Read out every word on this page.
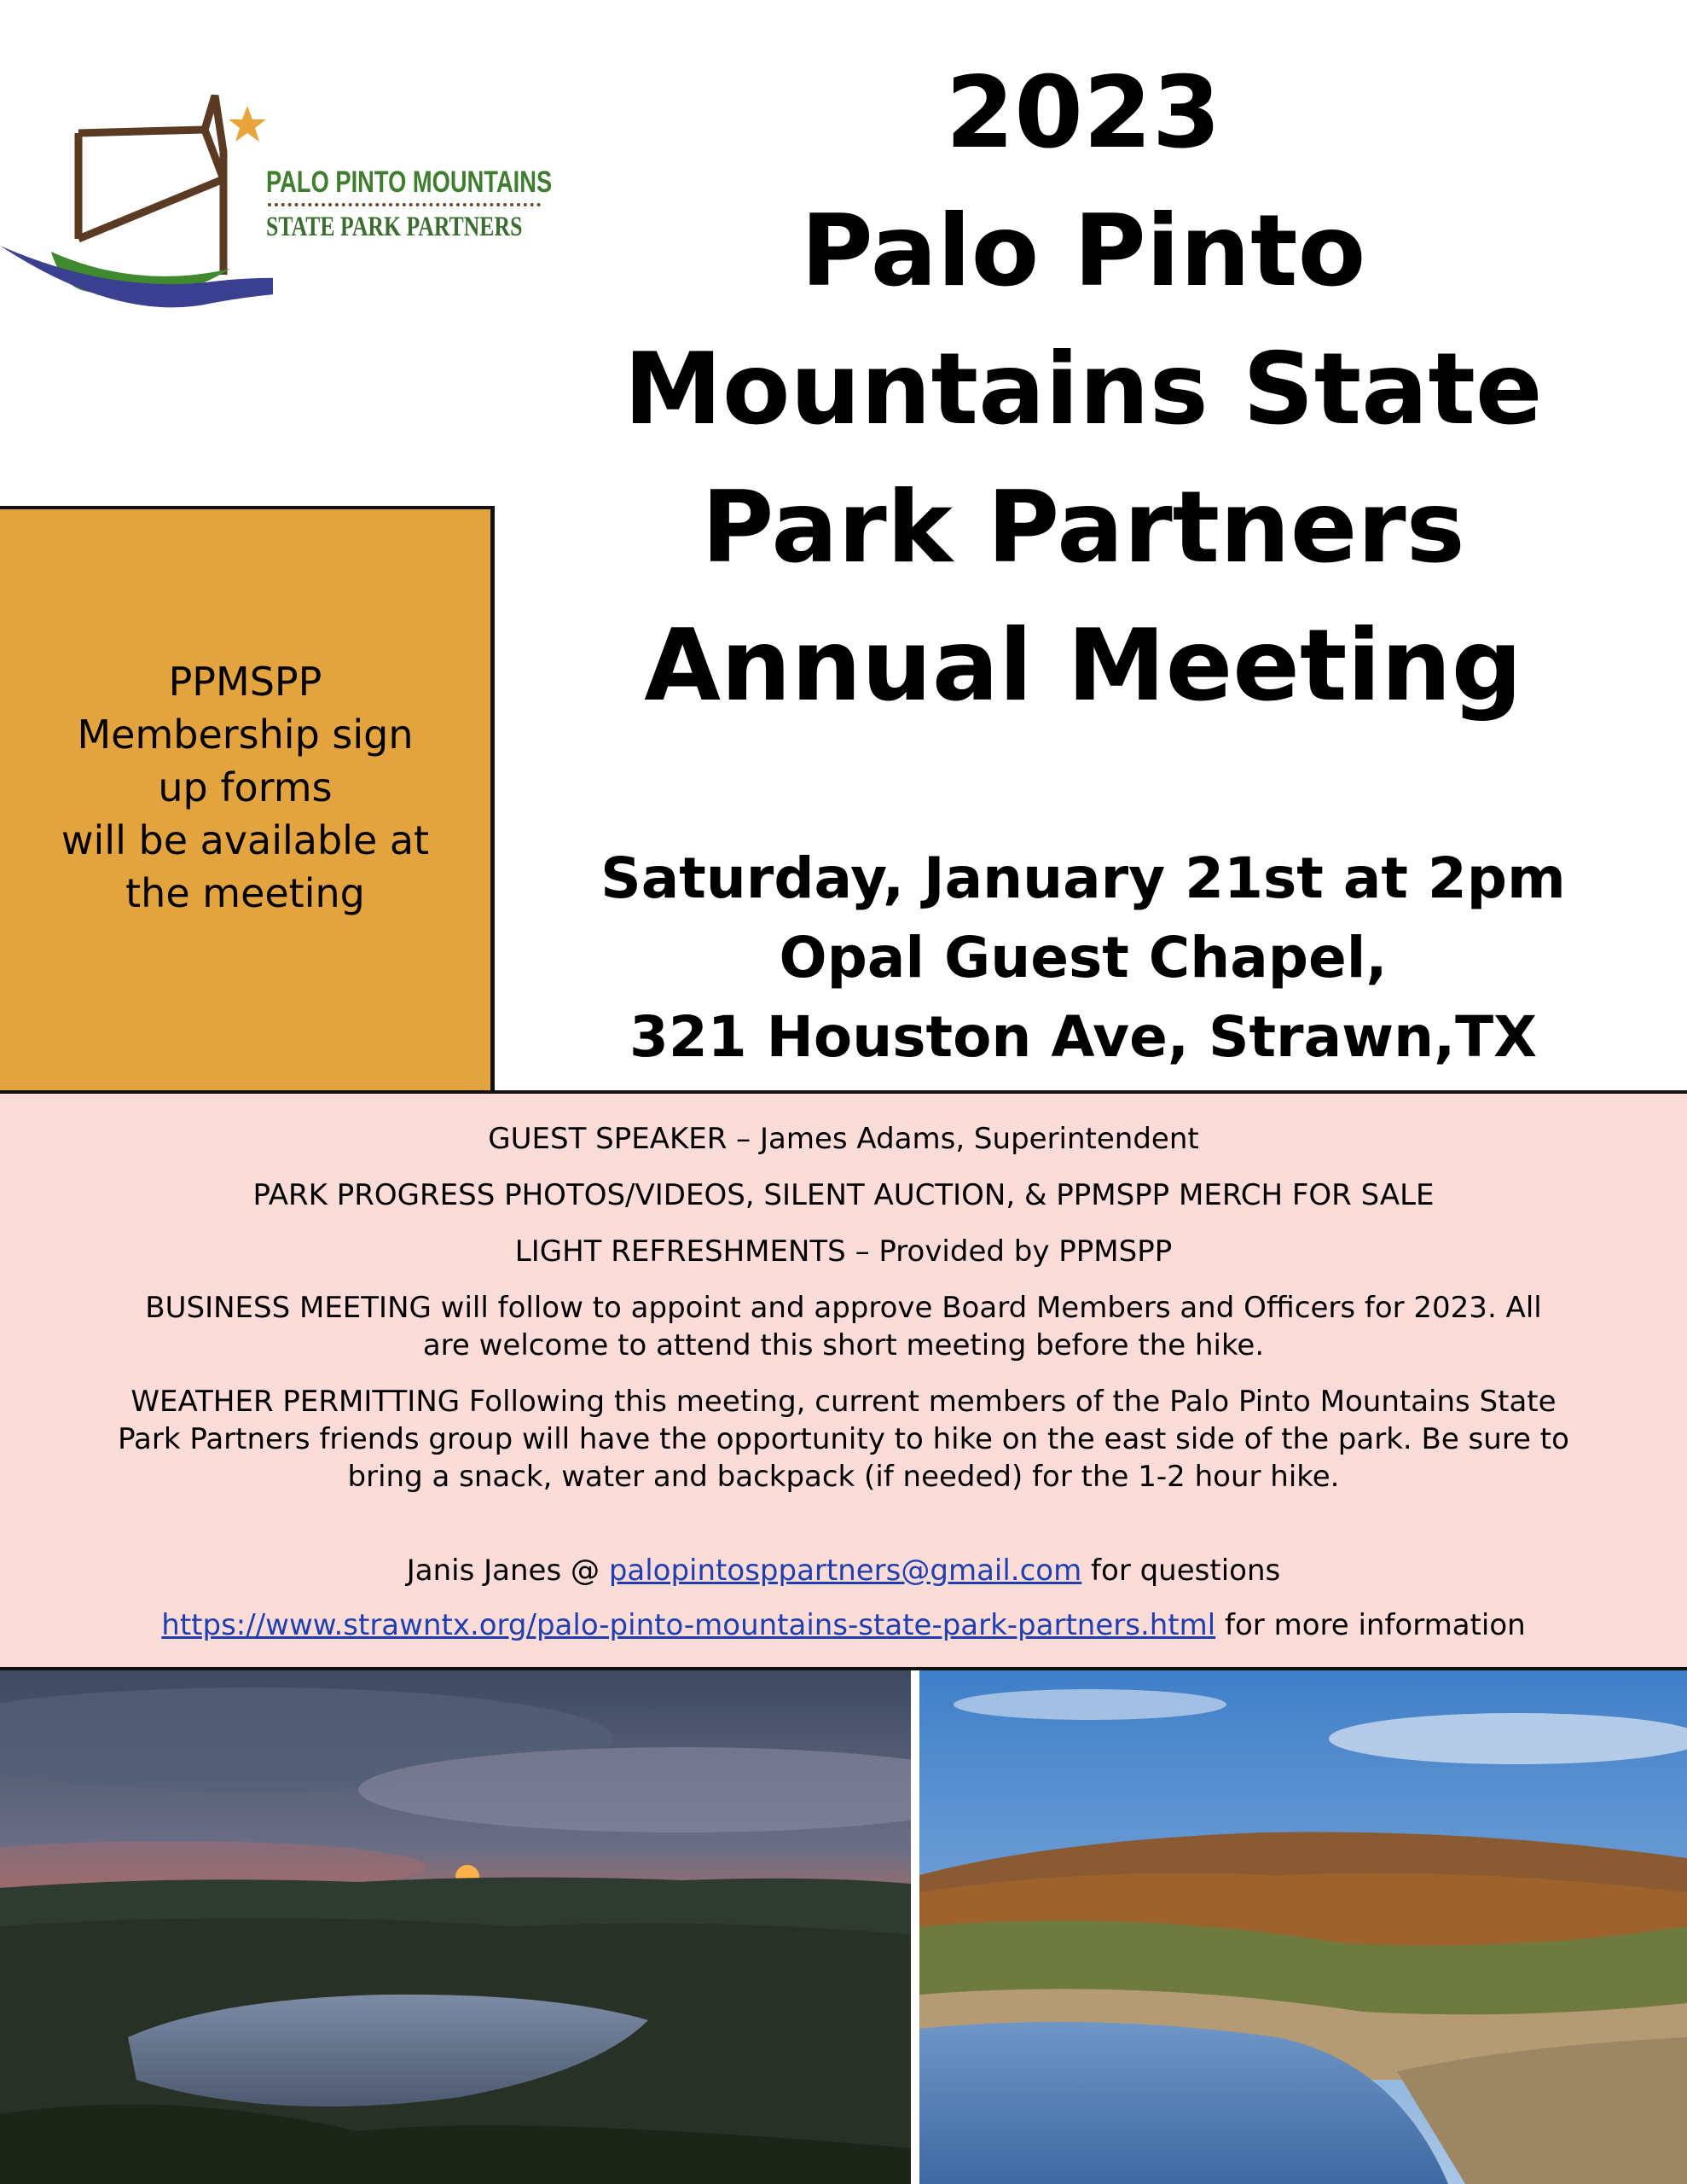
PALO PINTO MOUNTAINS
STATE PARK PARTNERS
2023
Palo Pinto
Mountains State
Park Partners
Annual Meeting
Saturday, January 21st at 2pm
Opal Guest Chapel,
321 Houston Ave, Strawn,TX
PPMSPP
Membership sign
up forms
will be available at
the meeting
GUEST SPEAKER – James Adams, Superintendent
PARK PROGRESS PHOTOS/VIDEOS, SILENT AUCTION, & PPMSPP MERCH FOR SALE
LIGHT REFRESHMENTS – Provided by PPMSPP
BUSINESS MEETING will follow to appoint and approve Board Members and Officers for 2023. All
are welcome to attend this short meeting before the hike.
WEATHER PERMITTING Following this meeting, current members of the Palo Pinto Mountains State
Park Partners friends group will have the opportunity to hike on the east side of the park. Be sure to
bring a snack, water and backpack (if needed) for the 1-2 hour hike.
Janis Janes @ palopintosppartners@gmail.com for questions
https://www.strawntx.org/palo-pinto-mountains-state-park-partners.html for more information
